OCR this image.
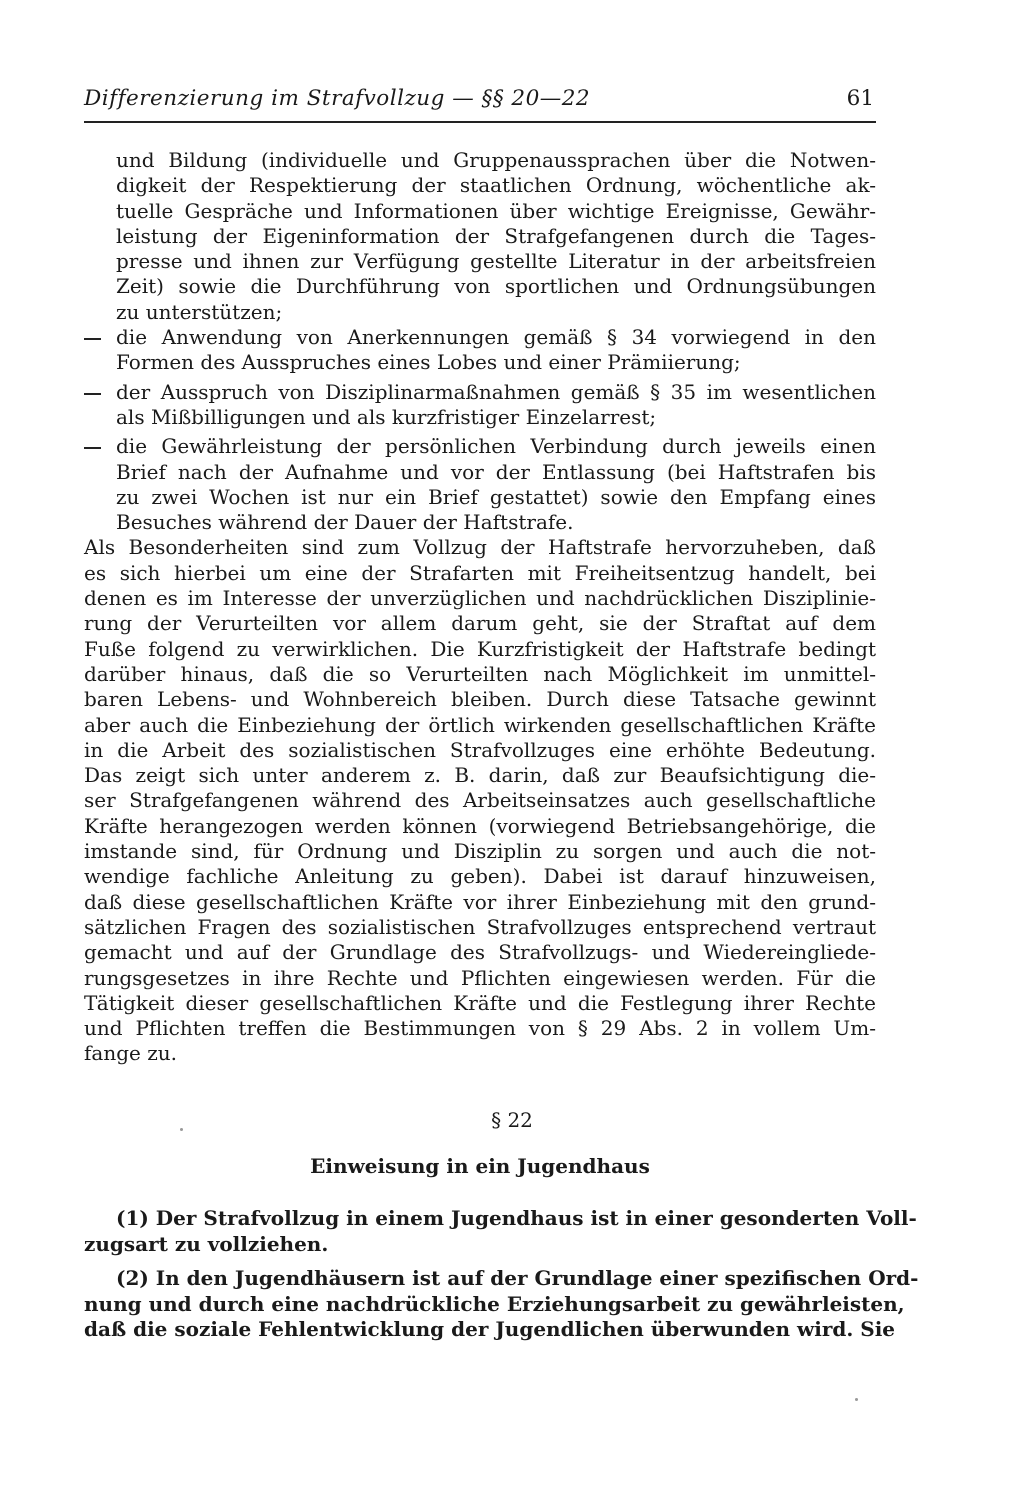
Differenzierung im Strafvollzug — §§ 20—22	61
und Bildung (individuelle und Gruppenaussprachen über die Notwen-
digkeit der Respektierung der staatlichen Ordnung, wöchentliche ak-
tuelle Gespräche und Informationen über wichtige Ereignisse, Gewähr-
leistung der Eigeninformation der Strafgefangenen durch die Tages-
presse und ihnen zur Verfügung gestellte Literatur in der arbeitsfreien
Zeit) sowie die Durchführung von sportlichen und Ordnungsübungen
zu unterstützen;
die Anwendung von Anerkennungen gemäß § 34 vorwiegend in den
Formen des Ausspruches eines Lobes und einer Prämiierung;
der Ausspruch von Disziplinarmaßnahmen gemäß § 35 im wesentlichen
als Mißbilligungen und als kurzfristiger Einzelarrest;
die Gewährleistung der persönlichen Verbindung durch jeweils einen
Brief nach der Aufnahme und vor der Entlassung (bei Haftstrafen bis
zu zwei Wochen ist nur ein Brief gestattet) sowie den Empfang eines
Besuches während der Dauer der Haftstrafe.
Als Besonderheiten sind zum Vollzug der Haftstrafe hervorzuheben, daß
es sich hierbei um eine der Strafarten mit Freiheitsentzug handelt, bei
denen es im Interesse der unverzüglichen und nachdrücklichen Disziplinie-
rung der Verurteilten vor allem darum geht, sie der Straftat auf dem
Fuße folgend zu verwirklichen. Die Kurzfristigkeit der Haftstrafe bedingt
darüber hinaus, daß die so Verurteilten nach Möglichkeit im unmittel-
baren Lebens- und Wohnbereich bleiben. Durch diese Tatsache gewinnt
aber auch die Einbeziehung der örtlich wirkenden gesellschaftlichen Kräfte
in die Arbeit des sozialistischen Strafvollzuges eine erhöhte Bedeutung.
Das zeigt sich unter anderem z. B. darin, daß zur Beaufsichtigung die-
ser Strafgefangenen während des Arbeitseinsatzes auch gesellschaftliche
Kräfte herangezogen werden können (vorwiegend Betriebsangehörige, die
imstande sind, für Ordnung und Disziplin zu sorgen und auch die not-
wendige fachliche Anleitung zu geben). Dabei ist darauf hinzuweisen,
daß diese gesellschaftlichen Kräfte vor ihrer Einbeziehung mit den grund-
sätzlichen Fragen des sozialistischen Strafvollzuges entsprechend vertraut
gemacht und auf der Grundlage des Strafvollzugs- und Wiedereingliede-
rungsgesetzes in ihre Rechte und Pflichten eingewiesen werden. Für die
Tätigkeit dieser gesellschaftlichen Kräfte und die Festlegung ihrer Rechte
und Pflichten treffen die Bestimmungen von § 29 Abs. 2 in vollem Um-
fange zu.
§ 22
Einweisung in ein Jugendhaus
(1) Der Strafvollzug in einem Jugendhaus ist in einer gesonderten Voll-
zugsart zu vollziehen.
(2) In den Jugendhäusern ist auf der Grundlage einer spezifischen Ord-
nung und durch eine nachdrückliche Erziehungsarbeit zu gewährleisten,
daß die soziale Fehlentwicklung der Jugendlichen überwunden wird. Sie
